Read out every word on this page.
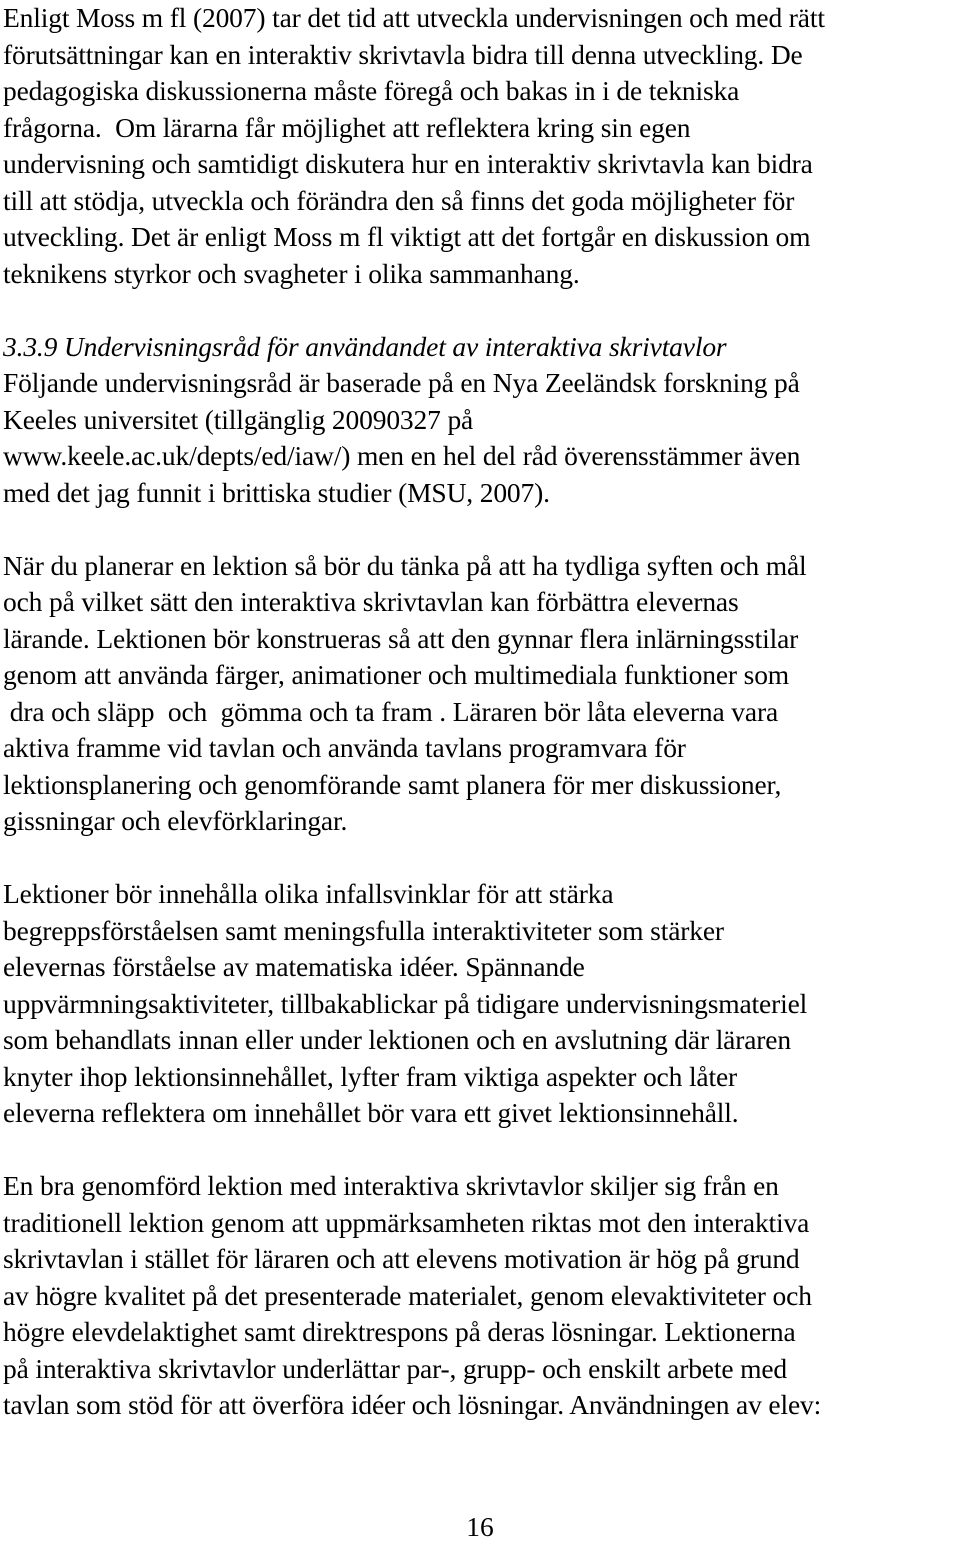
Enligt Moss m fl (2007) tar det tid att utveckla undervisningen och med rätt
förutsättningar kan en interaktiv skrivtavla bidra till denna utveckling. De
pedagogiska diskussionerna måste föregå och bakas in i de tekniska
frågorna.  Om lärarna får möjlighet att reflektera kring sin egen
undervisning och samtidigt diskutera hur en interaktiv skrivtavla kan bidra
till att stödja, utveckla och förändra den så finns det goda möjligheter för
utveckling. Det är enligt Moss m fl viktigt att det fortgår en diskussion om
teknikens styrkor och svagheter i olika sammanhang.

3.3.9 Undervisningsråd för användandet av interaktiva skrivtavlor
Följande undervisningsråd är baserade på en Nya Zeeländsk forskning på
Keeles universitet (tillgänglig 20090327 på
www.keele.ac.uk/depts/ed/iaw/) men en hel del råd överensstämmer även
med det jag funnit i brittiska studier (MSU, 2007).

När du planerar en lektion så bör du tänka på att ha tydliga syften och mål
och på vilket sätt den interaktiva skrivtavlan kan förbättra elevernas
lärande. Lektionen bör konstrueras så att den gynnar flera inlärningsstilar
genom att använda färger, animationer och multimediala funktioner som
dra och släpp  och  gömma och ta fram . Läraren bör låta eleverna vara
aktiva framme vid tavlan och använda tavlans programvara för
lektionsplanering och genomförande samt planera för mer diskussioner,
gissningar och elevförklaringar.

Lektioner bör innehålla olika infallsvinklar för att stärka
begreppsförståelsen samt meningsfulla interaktiviteter som stärker
elevernas förståelse av matematiska idéer. Spännande
uppvärmningsaktiviteter, tillbakablickar på tidigare undervisningsmateriel
som behandlats innan eller under lektionen och en avslutning där läraren
knyter ihop lektionsinnehållet, lyfter fram viktiga aspekter och låter
eleverna reflektera om innehållet bör vara ett givet lektionsinnehåll.

En bra genomförd lektion med interaktiva skrivtavlor skiljer sig från en
traditionell lektion genom att uppmärksamheten riktas mot den interaktiva
skrivtavlan i stället för läraren och att elevens motivation är hög på grund
av högre kvalitet på det presenterade materialet, genom elevaktiviteter och
högre elevdelaktighet samt direktrespons på deras lösningar. Lektionerna
på interaktiva skrivtavlor underlättar par-, grupp- och enskilt arbete med
tavlan som stöd för att överföra idéer och lösningar. Användningen av elev:

16
